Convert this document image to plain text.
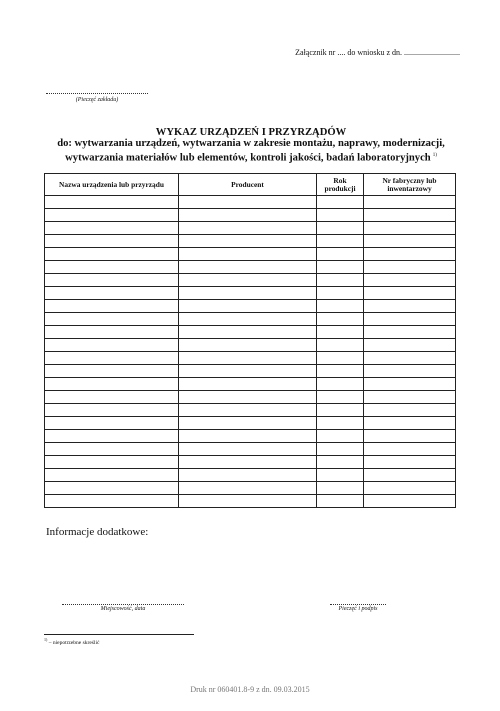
Załącznik nr .... do wniosku z dn. ............................
(Pieczęć zakładu)
WYKAZ URZĄDZEŃ I PRZYRZĄDÓW
do: wytwarzania urządzeń, wytwarzania w zakresie montażu, naprawy, modernizacji,
wytwarzania materiałów lub elementów, kontroli jakości, badań laboratoryjnych $^{1)}$
Nazwa urządzenia lub przyrządu	Producent	Rok produkcji	Nr fabryczny lub inwentarzowy

Informacje dodatkowe:
Miejscowość, data	Pieczęć i podpis
$^{1)}$ – niepotrzebne skreślić
Druk nr 060401.8-9 z dn. 09.03.2015
